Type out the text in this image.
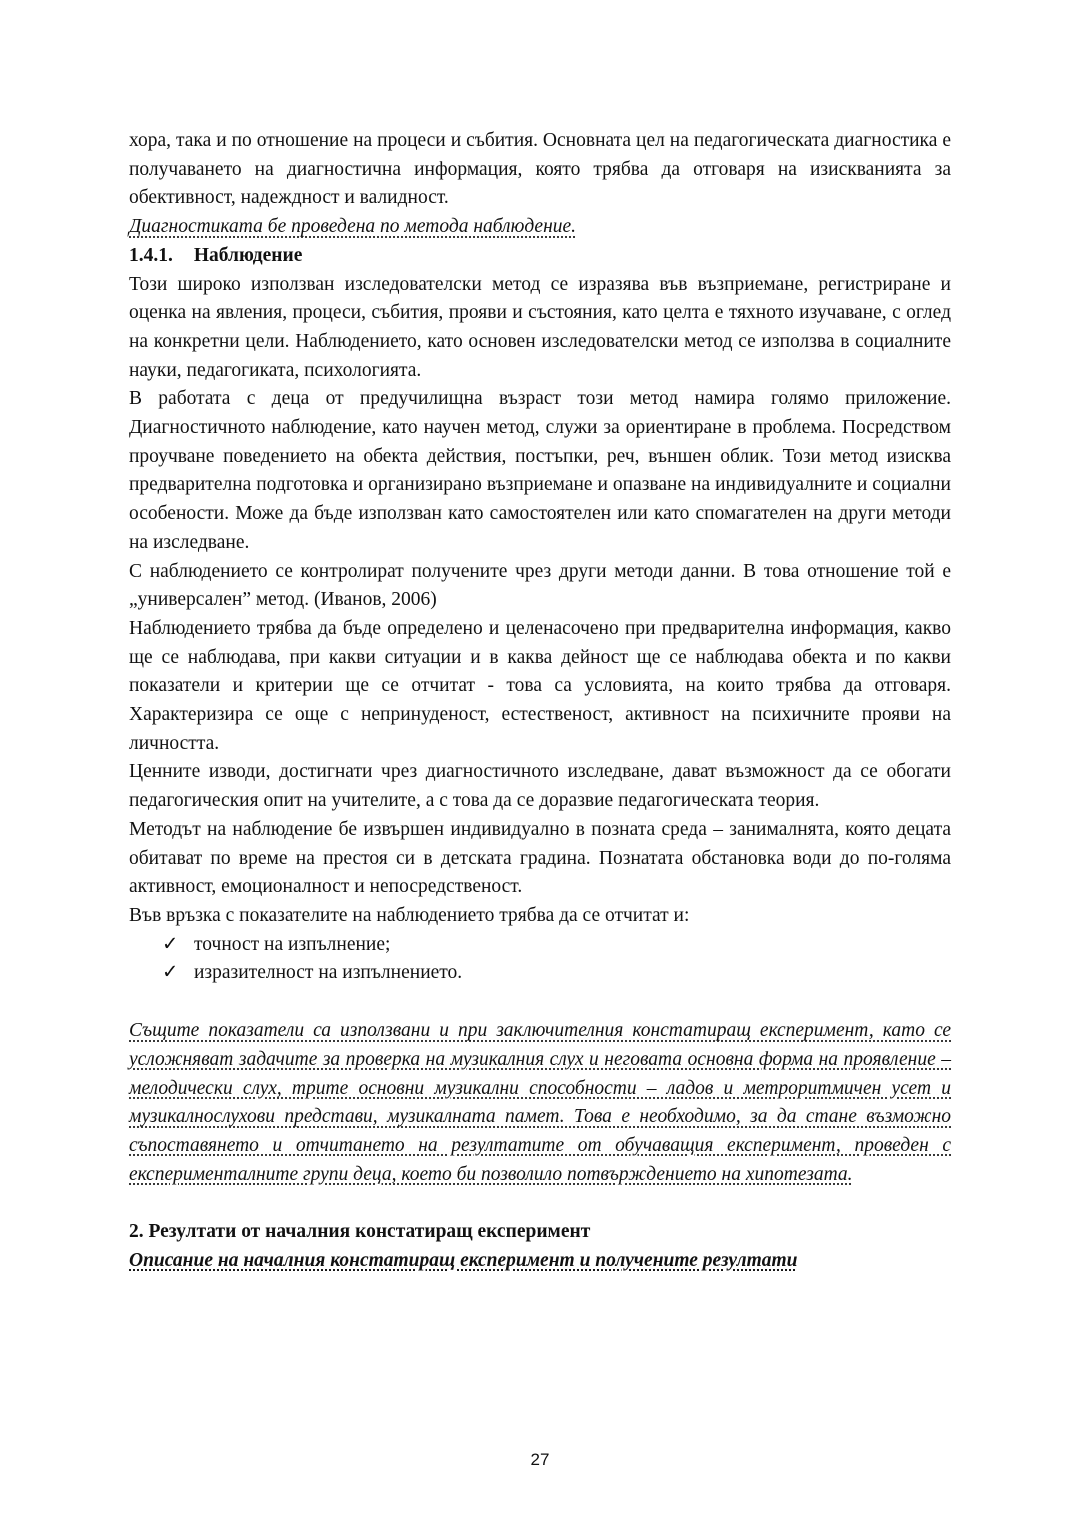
хора, така и по отношение на процеси и събития. Основната цел на педагогическата диагностика е получаването на диагностична информация, която трябва да отговаря на изискванията за обективност, надеждност и валидност.

Диагностиката бе проведена по метода наблюдение.

1.4.1. Наблюдение

Този широко използван изследователски метод се изразява във възприемане, регистриране и оценка на явления, процеси, събития, прояви и състояния, като целта е тяхното изучаване, с оглед на конкретни цели. Наблюдението, като основен изследователски метод се използва в социалните науки, педагогиката, психологията.

В работата с деца от предучилищна възраст този метод намира голямо приложение. Диагностичното наблюдение, като научен метод, служи за ориентиране в проблема. Посредством проучване поведението на обекта действия, постъпки, реч, външен облик. Този метод изисква предварителна подготовка и организирано възприемане и опазване на индивидуалните и социални особености. Може да бъде използван като самостоятелен или като спомагателен на други методи на изследване.

С наблюдението се контролират получените чрез други методи данни. В това отношение той е „универсален” метод. (Иванов, 2006)

Наблюдението трябва да бъде определено и целенасочено при предварителна информация, какво ще се наблюдава, при какви ситуации и в каква дейност ще се наблюдава обекта и по какви показатели и критерии ще се отчитат - това са условията, на които трябва да отговаря. Характеризира се още с непринуденост, естественост, активност на психичните прояви на личността.

Ценните изводи, достигнати чрез диагностичното изследване, дават възможност да се обогати педагогическия опит на учителите, а с това да се доразвие педагогическата теория.

Методът на наблюдение бе извършен индивидуално в позната среда – занималнята, която децата обитават по време на престоя си в детската градина. Познатата обстановка води до по-голяма активност, емоционалност и непосредственост.

Във връзка с показателите на наблюдението трябва да се отчитат и:

✓ точност на изпълнение;
✓ изразителност на изпълнението.

Същите показатели са използвани и при заключителния констатиращ експеримент, като се усложняват задачите за проверка на музикалния слух и неговата основна форма на проявление – мелодически слух, трите основни музикални способности – ладов и метроритмичен усет и музикалнослухови представи, музикалната памет. Това е необходимо, за да стане възможно съпоставянето и отчитането на резултатите от обучаващия експеримент, проведен с експерименталните групи деца, което би позволило потвърждението на хипотезата.

2. Резултати от началния констатиращ експеримент

Описание на началния констатиращ експеримент и получените резултати

27
